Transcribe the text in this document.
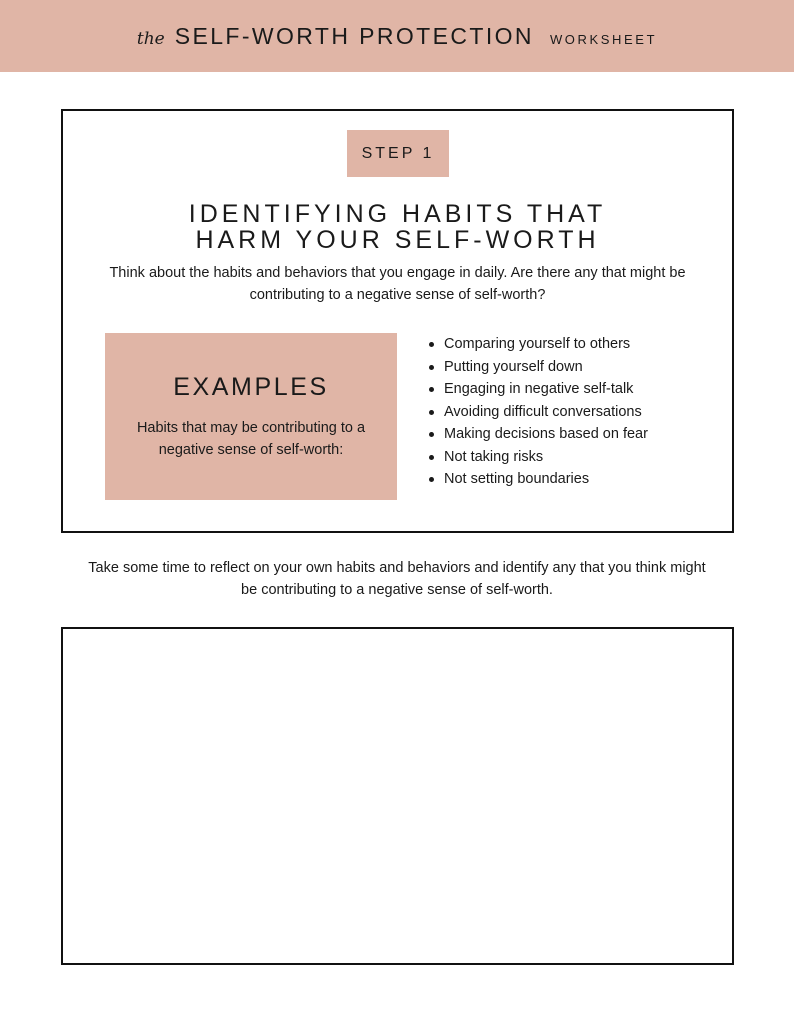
the SELF-WORTH PROTECTION WORKSHEET
STEP 1
IDENTIFYING HABITS THAT
HARM YOUR SELF-WORTH

Think about the habits and behaviors that you engage in daily. Are there any that might be contributing to a negative sense of self-worth?

EXAMPLES

Habits that may be contributing to a negative sense of self-worth:

Comparing yourself to others
Putting yourself down
Engaging in negative self-talk
Avoiding difficult conversations
Making decisions based on fear
Not taking risks
Not setting boundaries

Take some time to reflect on your own habits and behaviors and identify any that you think might be contributing to a negative sense of self-worth.
